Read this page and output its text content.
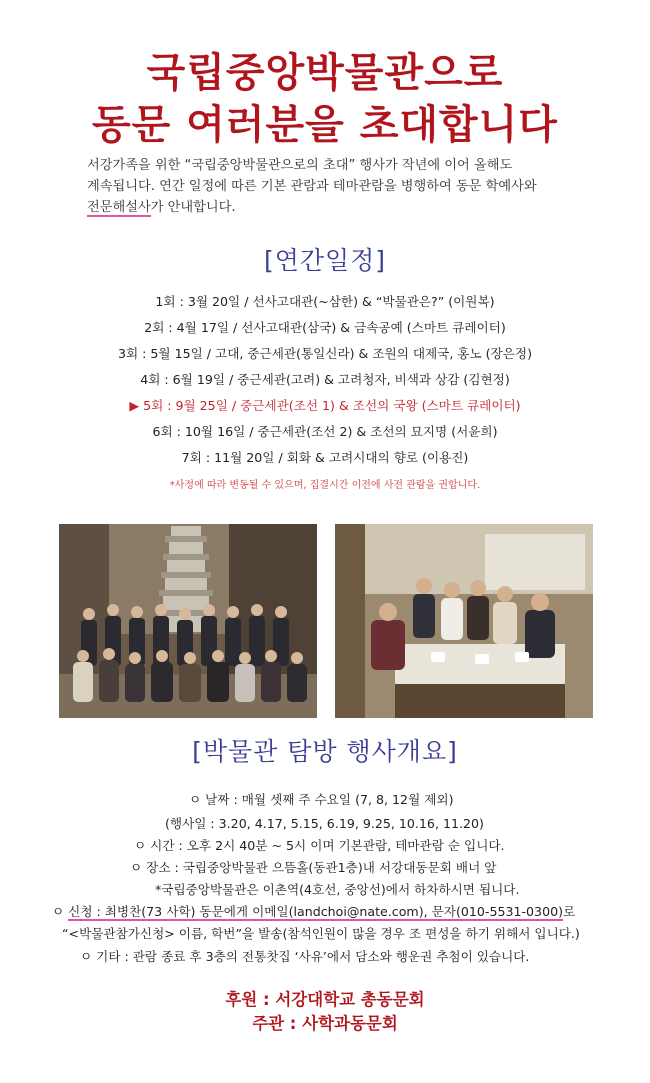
국립중앙박물관으로
동문 여러분을 초대합니다
서강가족을 위한 “국립중앙박물관으로의 초대” 행사가 작년에 이어 올해도
계속됩니다. 연간 일정에 따른 기본 관람과 테마관람을 병행하여 동문 학예사와
전문해설사가 안내합니다.
[연간일정]
1회 : 3월 20일 / 선사고대관(~삼한) & “박물관은?” (이원복)
2회 : 4월 17일 / 선사고대관(삼국) & 금속공예 (스마트 큐레이터)
3회 : 5월 15일 / 고대, 중근세관(통일신라) & 조원의 대제국, 홍노 (장은정)
4회 : 6월 19일 / 중근세관(고려) & 고려청자, 비색과 상감 (김현정)
▶ 5회 : 9월 25일 / 중근세관(조선 1) & 조선의 국왕 (스마트 큐레이터)
6회 : 10월 16일 / 중근세관(조선 2) & 조선의 묘지명 (서윤희)
7회 : 11월 20일 / 회화 & 고려시대의 향로 (이용진)
*사정에 따라 변동될 수 있으며, 집결시간 이전에 사전 관람을 권합니다.
[박물관 탐방 행사개요]
ㅇ 날짜 : 매월 셋째 주 수요일 (7, 8, 12월 제외)
(행사일 : 3.20, 4.17, 5.15, 6.19, 9.25, 10.16, 11.20)
ㅇ 시간 : 오후 2시 40분 ~ 5시 이며 기본관람, 테마관람 순 입니다.
ㅇ 장소 : 국립중앙박물관 으뜸홀(동관1층)내 서강대동문회 배너 앞
*국립중앙박물관은 이촌역(4호선, 중앙선)에서 하차하시면 됩니다.
ㅇ 신청 : 최병찬(73 사학) 동문에게 이메일(landchoi@nate.com), 문자(010-5531-0300)로
“<박물관참가신청> 이름, 학번”을 발송(참석인원이 많을 경우 조 편성을 하기 위해서 입니다.)
ㅇ 기타 : 관람 종료 후 3층의 전통찻집 ‘사유’에서 담소와 행운권 추첨이 있습니다.
후원 : 서강대학교 총동문회
주관 : 사학과동문회
